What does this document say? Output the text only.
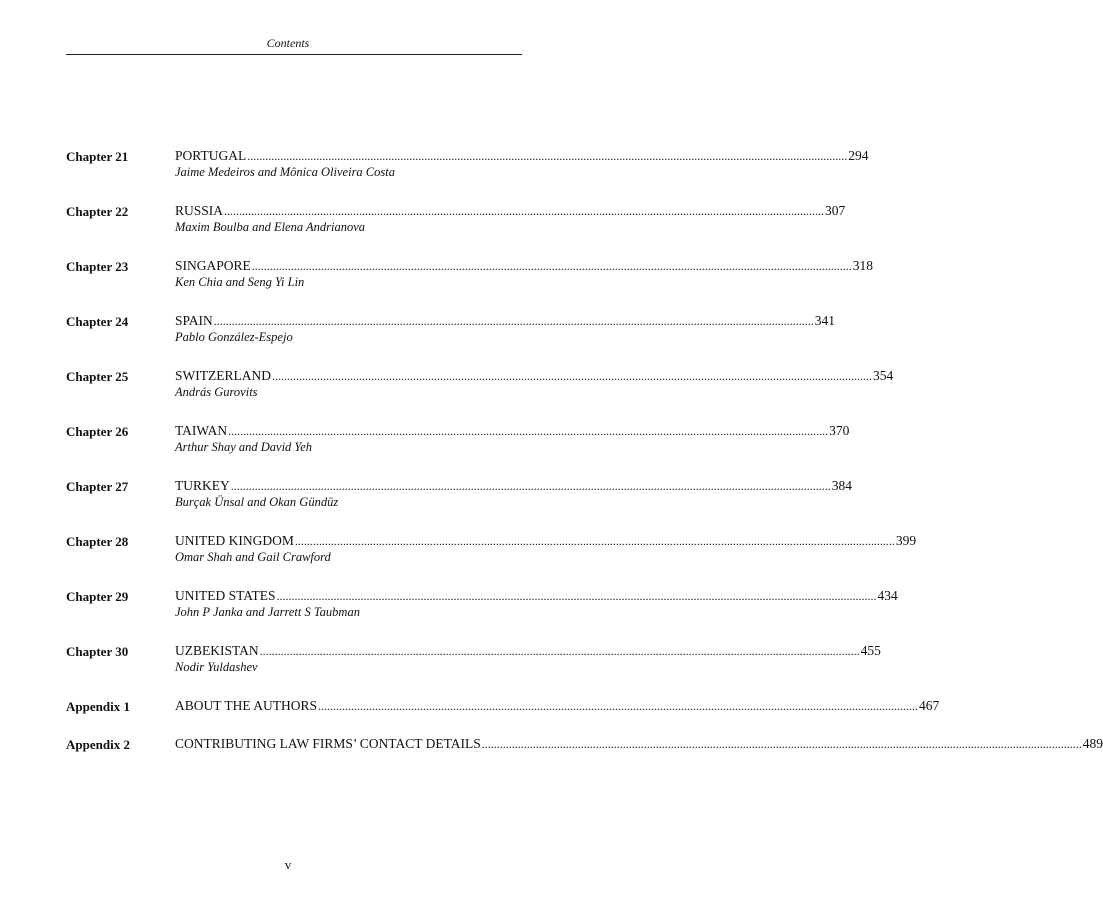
Contents
Chapter 21	PORTUGAL ........................................................................................................................................................................................................ 294
Jaime Medeiros and Mônica Oliveira Costa
Chapter 22	RUSSIA ........................................................................................................................................................................................................ 307
Maxim Boulba and Elena Andrianova
Chapter 23	SINGAPORE ........................................................................................................................................................................................................ 318
Ken Chia and Seng Yi Lin
Chapter 24	SPAIN ........................................................................................................................................................................................................ 341
Pablo González-Espejo
Chapter 25	SWITZERLAND ........................................................................................................................................................................................................ 354
András Gurovits
Chapter 26	TAIWAN ........................................................................................................................................................................................................ 370
Arthur Shay and David Yeh
Chapter 27	TURKEY ........................................................................................................................................................................................................ 384
Burçak Ünsal and Okan Gündüz
Chapter 28	UNITED KINGDOM ........................................................................................................................................................................................................ 399
Omar Shah and Gail Crawford
Chapter 29	UNITED STATES ........................................................................................................................................................................................................ 434
John P Janka and Jarrett S Taubman
Chapter 30	UZBEKISTAN ........................................................................................................................................................................................................ 455
Nodir Yuldashev
Appendix 1	ABOUT THE AUTHORS ........................................................................................................................................................................................................ 467
Appendix 2	CONTRIBUTING LAW FIRMS’ CONTACT DETAILS ........................................................................................................................................................................................................ 489
v
